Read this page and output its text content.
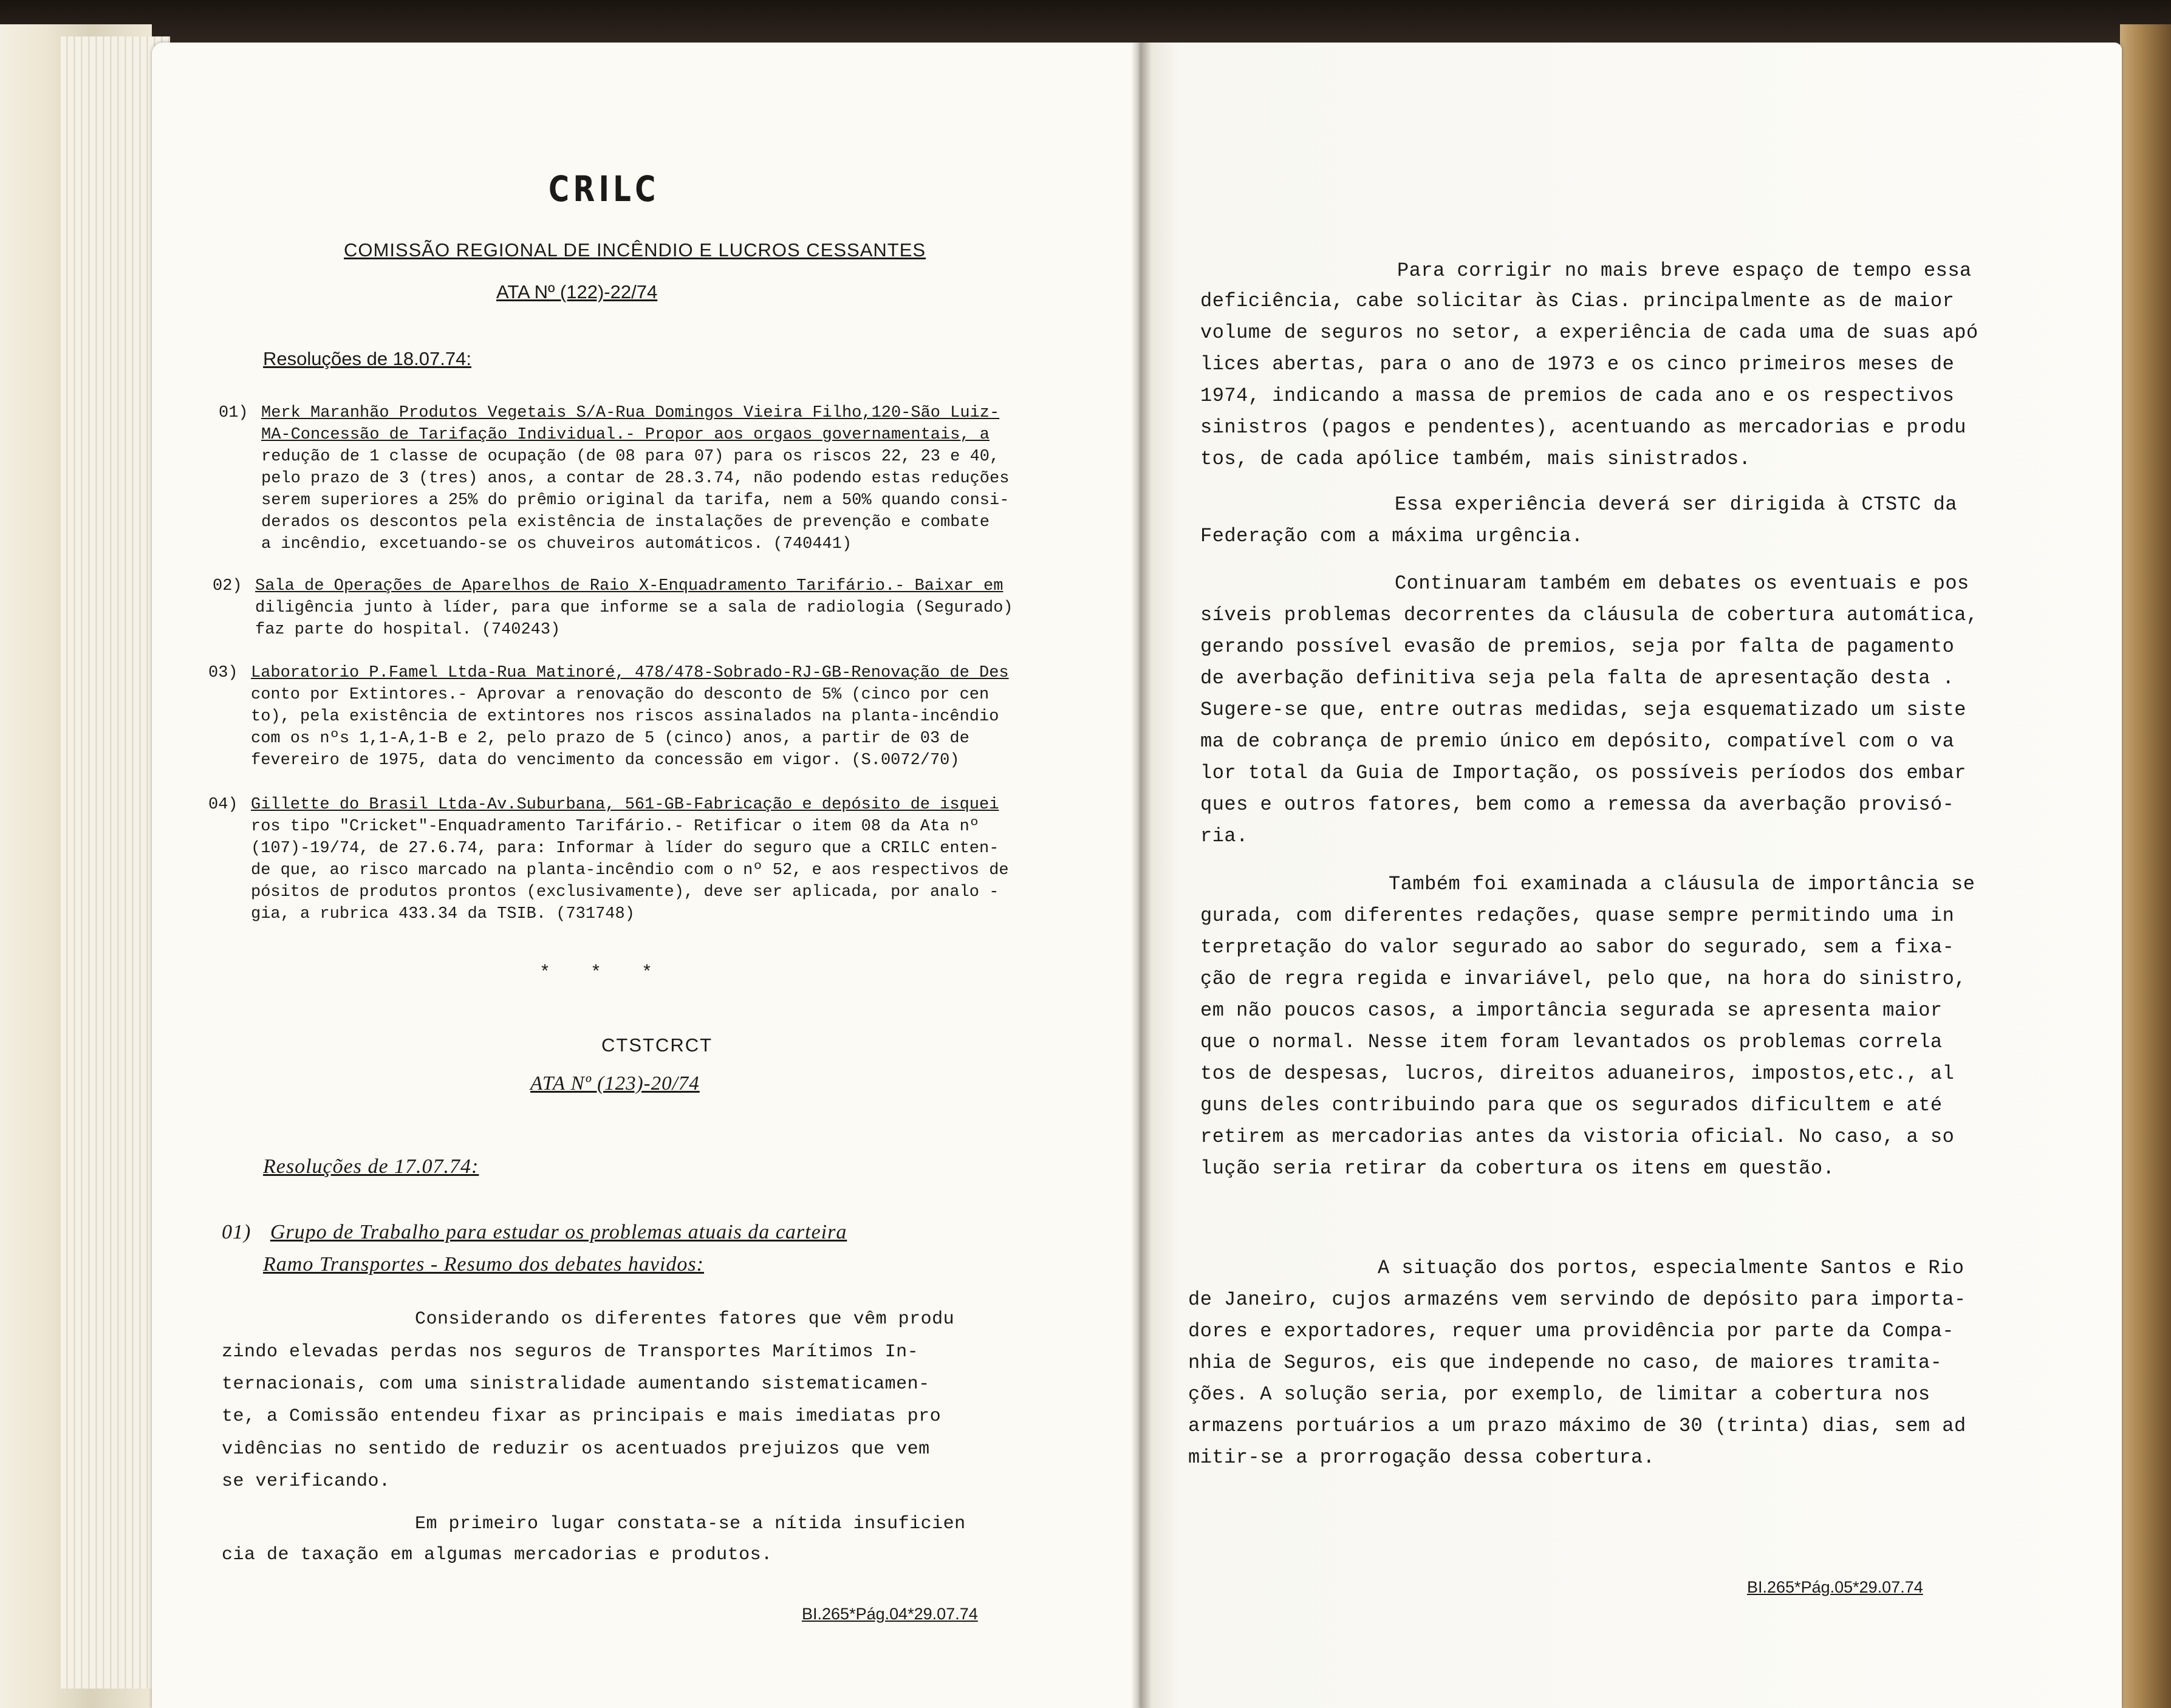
CRILC
COMISSÃO REGIONAL DE INCÊNDIO E LUCROS CESSANTES
ATA Nº (122)-22/74
Resoluções de 18.07.74:
01) Merk Maranhão Produtos Vegetais S/A-Rua Domingos Vieira Filho,120-São Luiz-
MA-Concessão de Tarifação Individual.- Propor aos orgaos governamentais, a
redução de 1 classe de ocupação (de 08 para 07) para os riscos 22, 23 e 40,
pelo prazo de 3 (tres) anos, a contar de 28.3.74, não podendo estas reduções
serem superiores a 25% do prêmio original da tarifa, nem a 50% quando consi-
derados os descontos pela existência de instalações de prevenção e combate
a incêndio, excetuando-se os chuveiros automáticos. (740441)
02) Sala de Operações de Aparelhos de Raio X-Enquadramento Tarifário.- Baixar em
diligência junto à líder, para que informe se a sala de radiologia (Segurado)
faz parte do hospital. (740243)
03) Laboratorio P.Famel Ltda-Rua Matinoré, 478/478-Sobrado-RJ-GB-Renovação de Des
conto por Extintores.- Aprovar a renovação do desconto de 5% (cinco por cen
to), pela existência de extintores nos riscos assinalados na planta-incêndio
com os nºs 1,1-A,1-B e 2, pelo prazo de 5 (cinco) anos, a partir de 03 de
fevereiro de 1975, data do vencimento da concessão em vigor. (S.0072/70)
04) Gillette do Brasil Ltda-Av.Suburbana, 561-GB-Fabricação e depósito de isquei
ros tipo "Cricket"-Enquadramento Tarifário.- Retificar o item 08 da Ata nº
(107)-19/74, de 27.6.74, para: Informar à líder do seguro que a CRILC enten-
de que, ao risco marcado na planta-incêndio com o nº 52, e aos respectivos de
pósitos de produtos prontos (exclusivamente), deve ser aplicada, por analo -
gia, a rubrica 433.34 da TSIB. (731748)
* * *
CTSTCRCT
ATA Nº (123)-20/74
Resoluções de 17.07.74:
01) Grupo de Trabalho para estudar os problemas atuais da carteira
Ramo Transportes - Resumo dos debates havidos:
Considerando os diferentes fatores que vêm produ
zindo elevadas perdas nos seguros de Transportes Marítimos In-
ternacionais, com uma sinistralidade aumentando sistematicamen-
te, a Comissão entendeu fixar as principais e mais imediatas pro
vidências no sentido de reduzir os acentuados prejuizos que vem
se verificando.
Em primeiro lugar constata-se a nítida insuficien
cia de taxação em algumas mercadorias e produtos.
BI.265*Pág.04*29.07.74
BI.265*Pág.05*29.07.74
Para corrigir no mais breve espaço de tempo essa
deficiência, cabe solicitar às Cias. principalmente as de maior
volume de seguros no setor, a experiência de cada uma de suas apó
lices abertas, para o ano de 1973 e os cinco primeiros meses de
1974, indicando a massa de premios de cada ano e os respectivos
sinistros (pagos e pendentes), acentuando as mercadorias e produ
tos, de cada apólice também, mais sinistrados.
Essa experiência deverá ser dirigida à CTSTC da
Federação com a máxima urgência.
Continuaram também em debates os eventuais e pos
síveis problemas decorrentes da cláusula de cobertura automática,
gerando possível evasão de premios, seja por falta de pagamento
de averbação definitiva seja pela falta de apresentação desta .
Sugere-se que, entre outras medidas, seja esquematizado um siste
ma de cobrança de premio único em depósito, compatível com o va
lor total da Guia de Importação, os possíveis períodos dos embar
ques e outros fatores, bem como a remessa da averbação provisó-
ria.
Também foi examinada a cláusula de importância se
gurada, com diferentes redações, quase sempre permitindo uma in
terpretação do valor segurado ao sabor do segurado, sem a fixa-
ção de regra regida e invariável, pelo que, na hora do sinistro,
em não poucos casos, a importância segurada se apresenta maior
que o normal. Nesse item foram levantados os problemas correla
tos de despesas, lucros, direitos aduaneiros, impostos,etc., al
guns deles contribuindo para que os segurados dificultem e até
retirem as mercadorias antes da vistoria oficial. No caso, a so
lução seria retirar da cobertura os itens em questão.
A situação dos portos, especialmente Santos e Rio
de Janeiro, cujos armazéns vem servindo de depósito para importa-
dores e exportadores, requer uma providência por parte da Compa-
nhia de Seguros, eis que independe no caso, de maiores tramita-
ções. A solução seria, por exemplo, de limitar a cobertura nos
armazens portuários a um prazo máximo de 30 (trinta) dias, sem ad
mitir-se a prorrogação dessa cobertura.
